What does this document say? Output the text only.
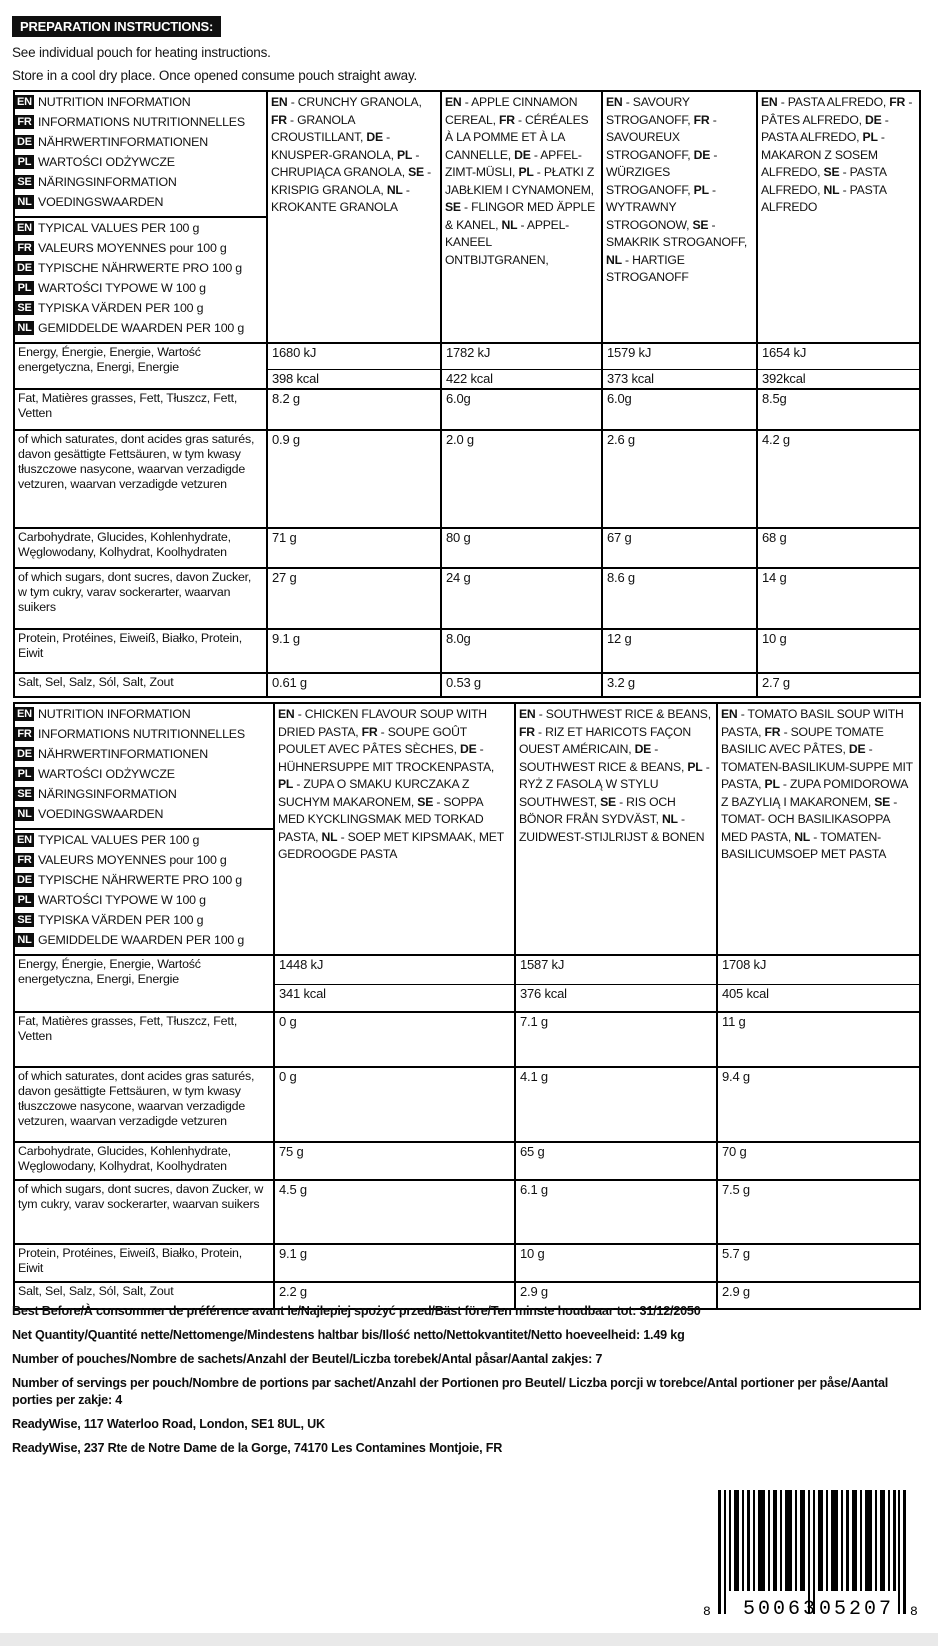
PREPARATION INSTRUCTIONS:
See individual pouch for heating instructions.
Store in a cool dry place. Once opened consume pouch straight away.
EN NUTRITION INFORMATION
FR INFORMATIONS NUTRITIONNELLES
DE NÄHRWERTINFORMATIONEN
PL WARTOŚCI ODŻYWCZE
SE NÄRINGSINFORMATION
NL VOEDINGSWAARDEN
	EN - CRUNCHY GRANOLA, FR - GRANOLA CROUSTILLANT, DE - KNUSPER-GRANOLA, PL - CHRUPIĄCA GRANOLA, SE - KRISPIG GRANOLA, NL - KROKANTE GRANOLA	EN - APPLE CINNAMON CEREAL, FR - CÉRÉALES À LA POMME ET À LA CANNELLE, DE - APFEL-ZIMT-MÜSLI, PL - PŁATKI Z JABŁKIEM I CYNAMONEM, SE - FLINGOR MED ÄPPLE & KANEL, NL - APPEL-KANEEL ONTBIJTGRANEN,	EN - SAVOURY STROGANOFF, FR - SAVOUREUX STROGANOFF, DE - WÜRZIGES STROGANOFF, PL - WYTRAWNY STROGONOW, SE - SMAKRIK STROGANOFF, NL - HARTIGE STROGANOFF	EN - PASTA ALFREDO, FR - PÂTES ALFREDO, DE - PASTA ALFREDO, PL - MAKARON Z SOSEM ALFREDO, SE - PASTA ALFREDO, NL - PASTA ALFREDO

EN TYPICAL VALUES PER 100 g
FR VALEURS MOYENNES pour 100 g
DE TYPISCHE NÄHRWERTE PRO 100 g
PL WARTOŚCI TYPOWE W 100 g
SE TYPISKA VÄRDEN PER 100 g
NL GEMIDDELDE WAARDEN PER 100 g

Energy, Énergie, Energie, Wartość energetyczna, Energi, Energie	1680 kJ	1782 kJ	1579 kJ	1654 kJ
	398 kcal	422 kcal	373 kcal	392kcal
Fat, Matières grasses, Fett, Tłuszcz, Fett, Vetten	8.2 g	6.0g	6.0g	8.5g
of which saturates, dont acides gras saturés, davon gesättigte Fettsäuren, w tym kwasy tłuszczowe nasycone, waarvan verzadigde vetzuren, waarvan verzadigde vetzuren	0.9 g	2.0 g	2.6 g	4.2 g
Carbohydrate, Glucides, Kohlenhydrate, Węglowodany, Kolhydrat, Koolhydraten	71 g	80 g	67 g	68 g
of which sugars, dont sucres, davon Zucker, w tym cukry, varav sockerarter, waarvan suikers	27 g	24 g	8.6 g	14 g
Protein, Protéines, Eiweiß, Białko, Protein, Eiwit	9.1 g	8.0g	12 g	10 g
Salt, Sel, Salz, Sól, Salt, Zout	0.61 g	0.53 g	3.2 g	2.7 g
EN NUTRITION INFORMATION
FR INFORMATIONS NUTRITIONNELLES
DE NÄHRWERTINFORMATIONEN
PL WARTOŚCI ODŻYWCZE
SE NÄRINGSINFORMATION
NL VOEDINGSWAARDEN
	EN - CHICKEN FLAVOUR SOUP WITH DRIED PASTA, FR - SOUPE GOÛT POULET AVEC PÂTES SÈCHES, DE - HÜHNERSUPPE MIT TROCKENPASTA, PL - ZUPA O SMAKU KURCZAKA Z SUCHYM MAKARONEM, SE - SOPPA MED KYCKLINGSMAK MED TORKAD PASTA, NL - SOEP MET KIPSMAAK, MET GEDROOGDE PASTA	EN - SOUTHWEST RICE & BEANS, FR - RIZ ET HARICOTS FAÇON OUEST AMÉRICAIN, DE - SOUTHWEST RICE & BEANS, PL - RYŻ Z FASOLĄ W STYLU SOUTHWEST, SE - RIS OCH BÖNOR FRÅN SYDVÄST, NL - ZUIDWEST-STIJLRIJST & BONEN	EN - TOMATO BASIL SOUP WITH PASTA, FR - SOUPE TOMATE BASILIC AVEC PÂTES, DE - TOMATEN-BASILIKUM-SUPPE MIT PASTA, PL - ZUPA POMIDOROWA Z BAZYLIĄ I MAKARONEM, SE - TOMAT- OCH BASILIKASOPPA MED PASTA, NL - TOMATEN-BASILICUMSOEP MET PASTA

EN TYPICAL VALUES PER 100 g
FR VALEURS MOYENNES pour 100 g
DE TYPISCHE NÄHRWERTE PRO 100 g
PL WARTOŚCI TYPOWE W 100 g
SE TYPISKA VÄRDEN PER 100 g
NL GEMIDDELDE WAARDEN PER 100 g

Energy, Énergie, Energie, Wartość energetyczna, Energi, Energie	1448 kJ	1587 kJ	1708 kJ
	341 kcal	376 kcal	405 kcal
Fat, Matières grasses, Fett, Tłuszcz, Fett, Vetten	0 g	7.1 g	11 g
of which saturates, dont acides gras saturés, davon gesättigte Fettsäuren, w tym kwasy tłuszczowe nasycone, waarvan verzadigde vetzuren, waarvan verzadigde vetzuren	0 g	4.1 g	9.4 g
Carbohydrate, Glucides, Kohlenhydrate, Węglowodany, Kolhydrat, Koolhydraten	75 g	65 g	70 g
of which sugars, dont sucres, davon Zucker, w tym cukry, varav sockerarter, waarvan suikers	4.5 g	6.1 g	7.5 g
Protein, Protéines, Eiweiß, Białko, Protein, Eiwit	9.1 g	10 g	5.7 g
Salt, Sel, Salz, Sól, Salt, Zout	2.2 g	2.9 g	2.9 g
Best Before/À consommer de préférence avant le/Najlepiej spożyć przed/Bäst före/Ten minste houdbaar tot: 31/12/2050
Net Quantity/Quantité nette/Nettomenge/Mindestens haltbar bis/Ilość netto/Nettokvantitet/Netto hoeveelheid: 1.49 kg
Number of pouches/Nombre de sachets/Anzahl der Beutel/Liczba torebek/Antal påsar/Aantal zakjes: 7
Number of servings per pouch/Nombre de portions par sachet/Anzahl der Portionen pro Beutel/ Liczba porcji w torebce/Antal portioner per påse/Aantal porties per zakje: 4
ReadyWise, 117 Waterloo Road, London, SE1 8UL, UK
ReadyWise, 237 Rte de Notre Dame de la Gorge, 74170 Les Contamines Montjoie, FR
8 50063 05207 8
